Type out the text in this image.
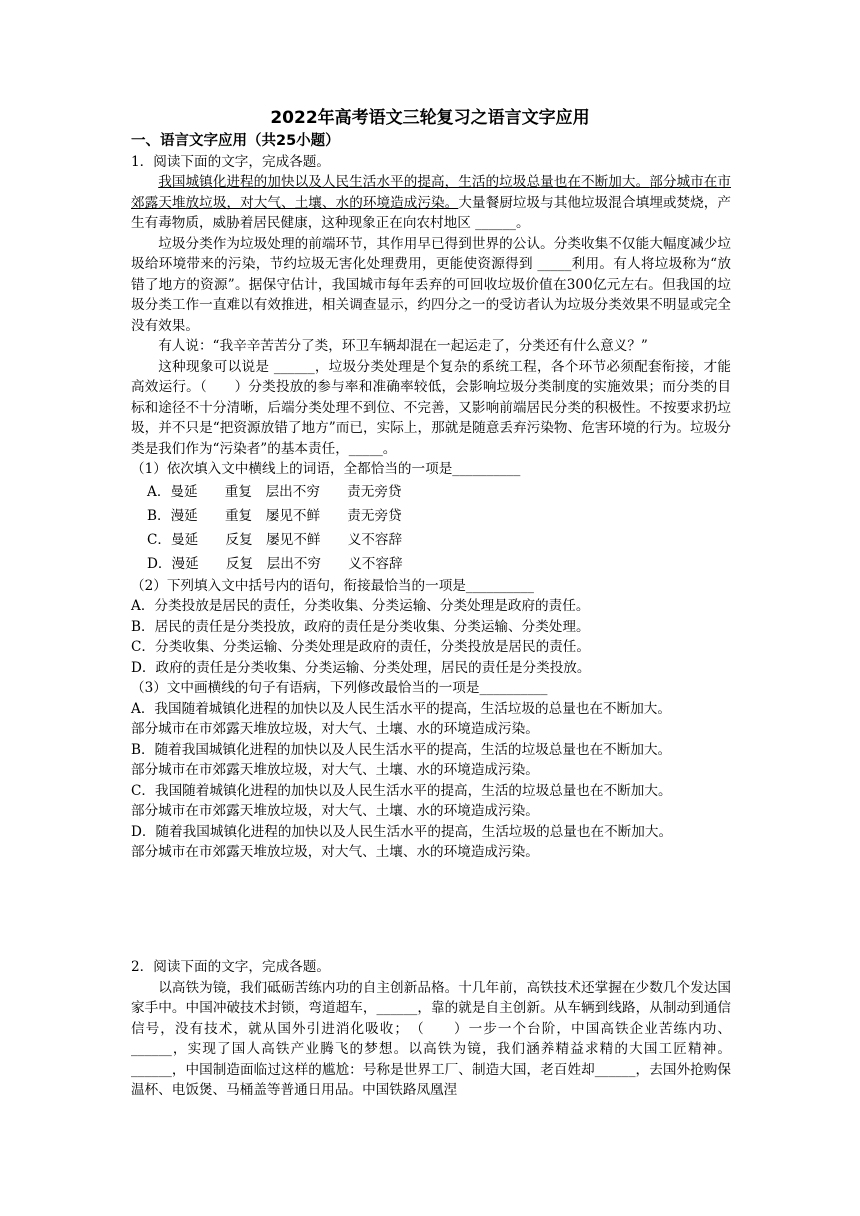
2022年高考语文三轮复习之语言文字应用
一、语言文字应用（共25小题）
1．阅读下面的文字，完成各题。
我国城镇化进程的加快以及人民生活水平的提高，生活的垃圾总量也在不断加大。部分城市在市郊露天堆放垃圾，对大气、土壤、水的环境造成污染。大量餐厨垃圾与其他垃圾混合填埋或焚烧，产生有毒物质，威胁着居民健康，这种现象正在向农村地区 ______。
垃圾分类作为垃圾处理的前端环节，其作用早已得到世界的公认。分类收集不仅能大幅度减少垃圾给环境带来的污染，节约垃圾无害化处理费用，更能使资源得到 _____利用。有人将垃圾称为“放错了地方的资源”。据保守估计，我国城市每年丢弃的可回收垃圾价值在300亿元左右。但我国的垃圾分类工作一直难以有效推进，相关调查显示，约四分之一的受访者认为垃圾分类效果不明显或完全没有效果。
有人说：“我辛辛苦苦分了类，环卫车辆却混在一起运走了，分类还有什么意义？”
这种现象可以说是 ______，垃圾分类处理是个复杂的系统工程，各个环节必须配套衔接，才能高效运行。（　　）分类投放的参与率和准确率较低，会影响垃圾分类制度的实施效果；而分类的目标和途径不十分清晰，后端分类处理不到位、不完善，又影响前端居民分类的积极性。不按要求扔垃圾，并不只是“把资源放错了地方”而已，实际上，那就是随意丢弃污染物、危害环境的行为。垃圾分类是我们作为“污染者”的基本责任，_____。
（1）依次填入文中横线上的词语，全都恰当的一项是__________
A．曼延　　重复　层出不穷　　责无旁贷
B．漫延　　重复　屡见不鲜　　责无旁贷
C．曼延　　反复　屡见不鲜　　义不容辞
D．漫延　　反复　层出不穷　　义不容辞
（2）下列填入文中括号内的语句，衔接最恰当的一项是__________
A．分类投放是居民的责任，分类收集、分类运输、分类处理是政府的责任。
B．居民的责任是分类投放，政府的责任是分类收集、分类运输、分类处理。
C．分类收集、分类运输、分类处理是政府的责任，分类投放是居民的责任。
D．政府的责任是分类收集、分类运输、分类处理，居民的责任是分类投放。
（3）文中画横线的句子有语病，下列修改最恰当的一项是__________
A．我国随着城镇化进程的加快以及人民生活水平的提高，生活垃圾的总量也在不断加大。
部分城市在市郊露天堆放垃圾，对大气、土壤、水的环境造成污染。
B．随着我国城镇化进程的加快以及人民生活水平的提高，生活的垃圾总量也在不断加大。
部分城市在市郊露天堆放垃圾，对大气、土壤、水的环境造成污染。
C．我国随着城镇化进程的加快以及人民生活水平的提高，生活的垃圾总量也在不断加大。
部分城市在市郊露天堆放垃圾，对大气、土壤、水的环境造成污染。
D．随着我国城镇化进程的加快以及人民生活水平的提高，生活垃圾的总量也在不断加大。
部分城市在市郊露天堆放垃圾，对大气、土壤、水的环境造成污染。
2．阅读下面的文字，完成各题。
以高铁为镜，我们砥砺苦练内功的自主创新品格。十几年前，高铁技术还掌握在少数几个发达国家手中。中国冲破技术封锁，弯道超车，______，靠的就是自主创新。从车辆到线路，从制动到通信信号，没有技术，就从国外引进消化吸收；　（　　）一步一个台阶，中国高铁企业苦练内功、______，实现了国人高铁产业腾飞的梦想。以高铁为镜，我们涵养精益求精的大国工匠精神。______，中国制造面临过这样的尴尬：号称是世界工厂、制造大国，老百姓却______，去国外抢购保温杯、电饭煲、马桶盖等普通日用品。中国铁路凤凰涅
